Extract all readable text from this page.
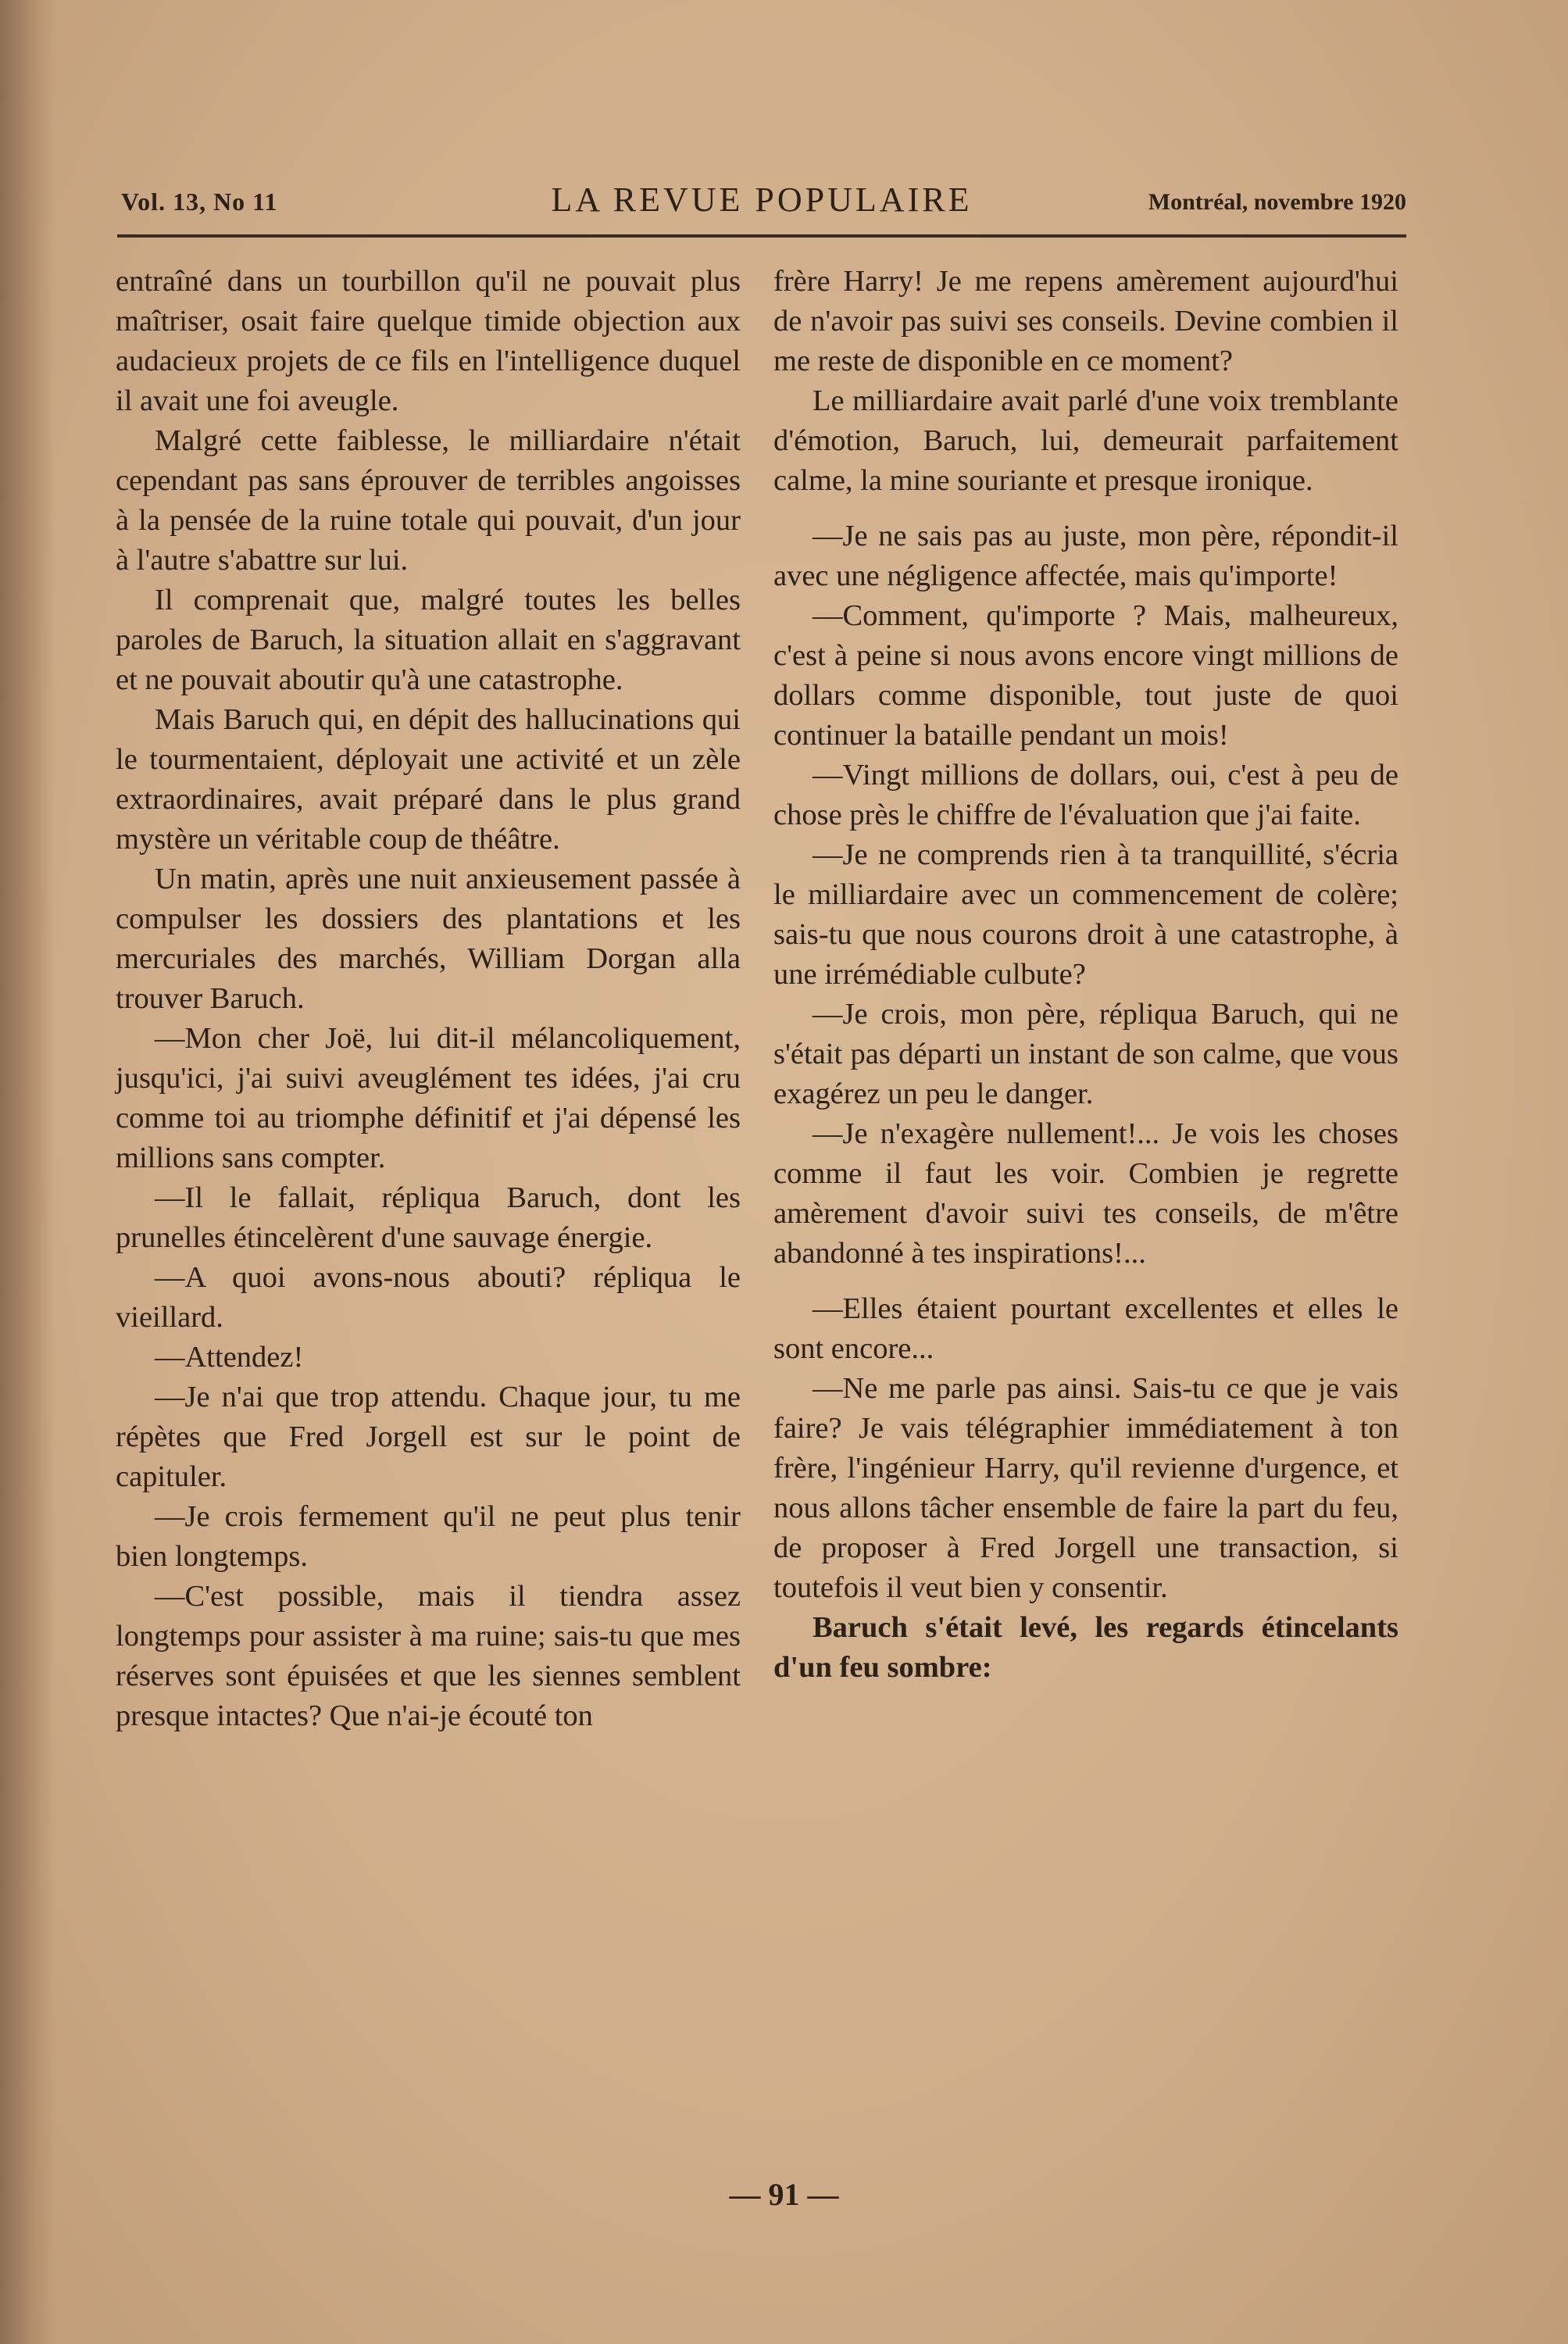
Vol. 13, No 11	LA REVUE POPULAIRE	Montréal, novembre 1920

entraîné dans un tourbillon qu'il ne pouvait plus maîtriser, osait faire quelque timide objection aux audacieux projets de ce fils en l'intelligence duquel il avait une foi aveugle.

Malgré cette faiblesse, le milliardaire n'était cependant pas sans éprouver de terribles angoisses à la pensée de la ruine totale qui pouvait, d'un jour à l'autre s'abattre sur lui.

Il comprenait que, malgré toutes les belles paroles de Baruch, la situation allait en s'aggravant et ne pouvait aboutir qu'à une catastrophe.

Mais Baruch qui, en dépit des hallucinations qui le tourmentaient, déployait une activité et un zèle extraordinaires, avait préparé dans le plus grand mystère un véritable coup de théâtre.

Un matin, après une nuit anxieusement passée à compulser les dossiers des plantations et les mercuriales des marchés, William Dorgan alla trouver Baruch.

—Mon cher Joë, lui dit-il mélancoliquement, jusqu'ici, j'ai suivi aveuglément tes idées, j'ai cru comme toi au triomphe définitif et j'ai dépensé les millions sans compter.

—Il le fallait, répliqua Baruch, dont les prunelles étincelèrent d'une sauvage énergie.

—A quoi avons-nous abouti? répliqua le vieillard.

—Attendez!

—Je n'ai que trop attendu. Chaque jour, tu me répètes que Fred Jorgell est sur le point de capituler.

—Je crois fermement qu'il ne peut plus tenir bien longtemps.

—C'est possible, mais il tiendra assez longtemps pour assister à ma ruine; sais-tu que mes réserves sont épuisées et que les siennes semblent presque intactes? Que n'ai-je écouté ton

frère Harry! Je me repens amèrement aujourd'hui de n'avoir pas suivi ses conseils. Devine combien il me reste de disponible en ce moment?

Le milliardaire avait parlé d'une voix tremblante d'émotion, Baruch, lui, demeurait parfaitement calme, la mine souriante et presque ironique.

—Je ne sais pas au juste, mon père, répondit-il avec une négligence affectée, mais qu'importe!

—Comment, qu'importe ? Mais, malheureux, c'est à peine si nous avons encore vingt millions de dollars comme disponible, tout juste de quoi continuer la bataille pendant un mois!

—Vingt millions de dollars, oui, c'est à peu de chose près le chiffre de l'évaluation que j'ai faite.

—Je ne comprends rien à ta tranquillité, s'écria le milliardaire avec un commencement de colère; sais-tu que nous courons droit à une catastrophe, à une irrémédiable culbute?

—Je crois, mon père, répliqua Baruch, qui ne s'était pas départi un instant de son calme, que vous exagérez un peu le danger.

—Je n'exagère nullement!... Je vois les choses comme il faut les voir. Combien je regrette amèrement d'avoir suivi tes conseils, de m'être abandonné à tes inspirations!...

—Elles étaient pourtant excellentes et elles le sont encore...

—Ne me parle pas ainsi. Sais-tu ce que je vais faire? Je vais télégraphier immédiatement à ton frère, l'ingénieur Harry, qu'il revienne d'urgence, et nous allons tâcher ensemble de faire la part du feu, de proposer à Fred Jorgell une transaction, si toutefois il veut bien y consentir.

Baruch s'était levé, les regards étincelants d'un feu sombre:

— 91 —
